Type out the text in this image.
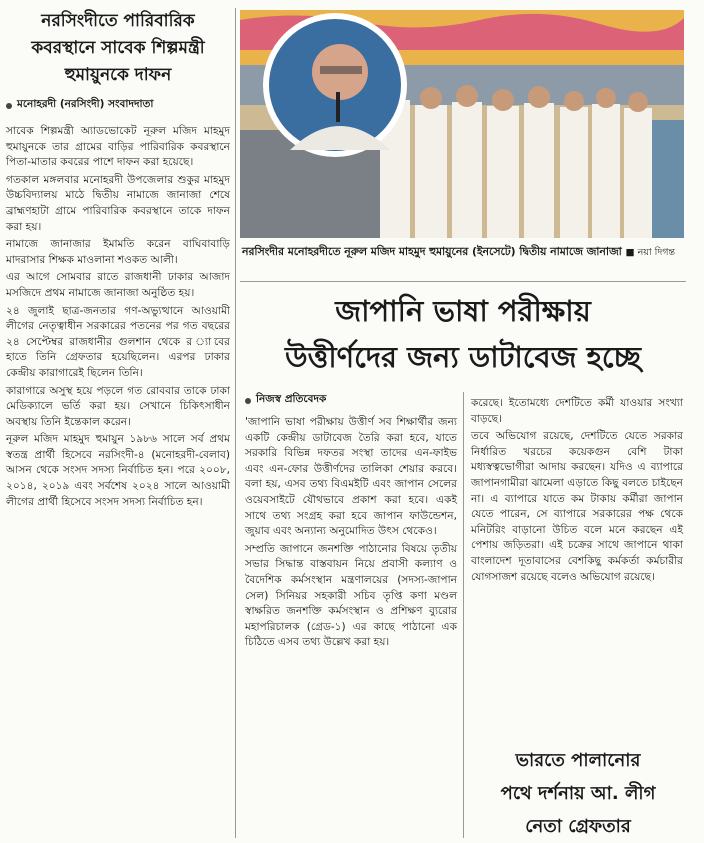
নরসিংদীতে পারিবারিক
কবরস্থানে সাবেক শিল্পমন্ত্রী
হুমায়ুনকে দাফন
মনোহরদী (নরসিংদী) সংবাদদাতা

সাবেক শিল্পমন্ত্রী অ্যাডভোকেট নূরুল মজিদ মাহমুদ হুমায়ুনকে তার গ্রামের বাড়ির পারিবারিক কবরস্থানে পিতা-মাতার কবরের পাশে দাফন করা হয়েছে।

গতকাল মঙ্গলবার মনোহরদী উপজেলার শুকুর মাহমুদ উচ্চবিদ্যালয় মাঠে দ্বিতীয় নামাজে জানাজা শেষে ব্রাহ্মণহাটা গ্রামে পারিবারিক কবরস্থানে তাকে দাফন করা হয়।

নামাজে জানাজার ইমামতি করেন বাঘিবাবাড়ি মাদরাসার শিক্ষক মাওলানা শওকত আলী।

এর আগে সোমবার রাতে রাজধানী ঢাকার আজাদ মসজিদে প্রথম নামাজে জানাজা অনুষ্ঠিত হয়।

২৪ জুলাই ছাত্র-জনতার গণ-অভ্যুত্থানে আওয়ামী লীগের নেতৃত্বাধীন সরকারের পতনের পর গত বছরের ২৪ সেপ্টেম্বর রাজধানীর গুলশান থেকে র ্যাবের হাতে তিনি গ্রেফতার হয়েছিলেন। এরপর ঢাকার কেন্দ্রীয় কারাগারেই ছিলেন তিনি।

কারাগারে অসুস্থ হয়ে পড়লে গত রোববার তাকে ঢাকা মেডিক্যালে ভর্তি করা হয়। সেখানে চিকিৎসাধীন অবস্থায় তিনি ইন্তেকাল করেন।

নূরুল মজিদ মাহমুদ হুমায়ুন ১৯৮৬ সালে সর্ব প্রথম স্বতন্ত্র প্রার্থী হিসেবে নরসিংদী-৪ (মনোহরদী-বেলাব) আসন থেকে সংসদ সদস্য নির্বাচিত হন। পরে ২০০৮, ২০১৪, ২০১৯ এবং সর্বশেষ ২০২৪ সালে আওয়ামী লীগের প্রার্থী হিসেবে সংসদ সদস্য নির্বাচিত হন।

নরসিংদীর মনোহরদীতে নূরুল মজিদ মাহমুদ হুমায়ুনের (ইনসেটে) দ্বিতীয় নামাজে জানাজা ■ নয়া দিগন্ত
জাপানি ভাষা পরীক্ষায়
উত্তীর্ণদের জন্য ডাটাবেজ হচ্ছে
নিজস্ব প্রতিবেদক

'জাপানি ভাষা পরীক্ষায় উত্তীর্ণ সব শিক্ষার্থীর জন্য একটি কেন্দ্রীয় ডাটাবেজ তৈরি করা হবে, যাতে সরকারি বিভিন্ন দফতর সংস্থা তাদের এন-ফাইভ এবং এন-ফোর উত্তীর্ণদের তালিকা শেয়ার করবে। বলা হয়, এসব তথ্য বিএমইটি এবং জাপান সেলের ওয়েবসাইটে যৌথভাবে প্রকাশ করা হবে। একই সাথে তথ্য সংগ্রহ করা হবে জাপান ফাউন্ডেশন, জুয়াব এবং অন্যান্য অনুমোদিত উৎস থেকেও।

সম্প্রতি জাপানে জনশক্তি পাঠানোর বিষয়ে তৃতীয় সভার সিদ্ধান্ত বাস্তবায়ন নিয়ে প্রবাসী কল্যাণ ও বৈদেশিক কর্মসংস্থান মন্ত্রণালয়ের (সদস্য-জাপান সেল) সিনিয়র সহকারী সচিব তৃপ্তি কণা মণ্ডল স্বাক্ষরিত জনশক্তি কর্মসংস্থান ও প্রশিক্ষণ ব্যুরোর মহাপরিচালক (গ্রেড-১) এর কাছে পাঠানো এক চিঠিতে এসব তথ্য উল্লেখ করা হয়।

করেছে। ইতোমধ্যে দেশটিতে কর্মী যাওয়ার সংখ্যা বাড়ছে।

তবে অভিযোগ রয়েছে, দেশটিতে যেতে সরকার নির্ধারিত খরচের কয়েকগুন বেশি টাকা মধ্যস্বত্বভোগীরা আদায় করছেন। যদিও এ ব্যাপারে জাপানগামীরা ঝামেলা এড়াতে কিছু বলতে চাইছেন না। এ ব্যাপারে যাতে কম টাকায় কর্মীরা জাপান যেতে পারেন, সে ব্যাপারে সরকারের পক্ষ থেকে মনিটরিং বাড়ানো উচিত বলে মনে করছেন এই পেশায় জড়িতরা। এই চক্রের সাথে জাপানে থাকা বাংলাদেশ দূতাবাসের বেশকিছু কর্মকর্তা কর্মচারীর যোগসাজশ রয়েছে বলেও অভিযোগ রয়েছে।

ভারতে পালানোর
পথে দর্শনায় আ. লীগ
নেতা গ্রেফতার
